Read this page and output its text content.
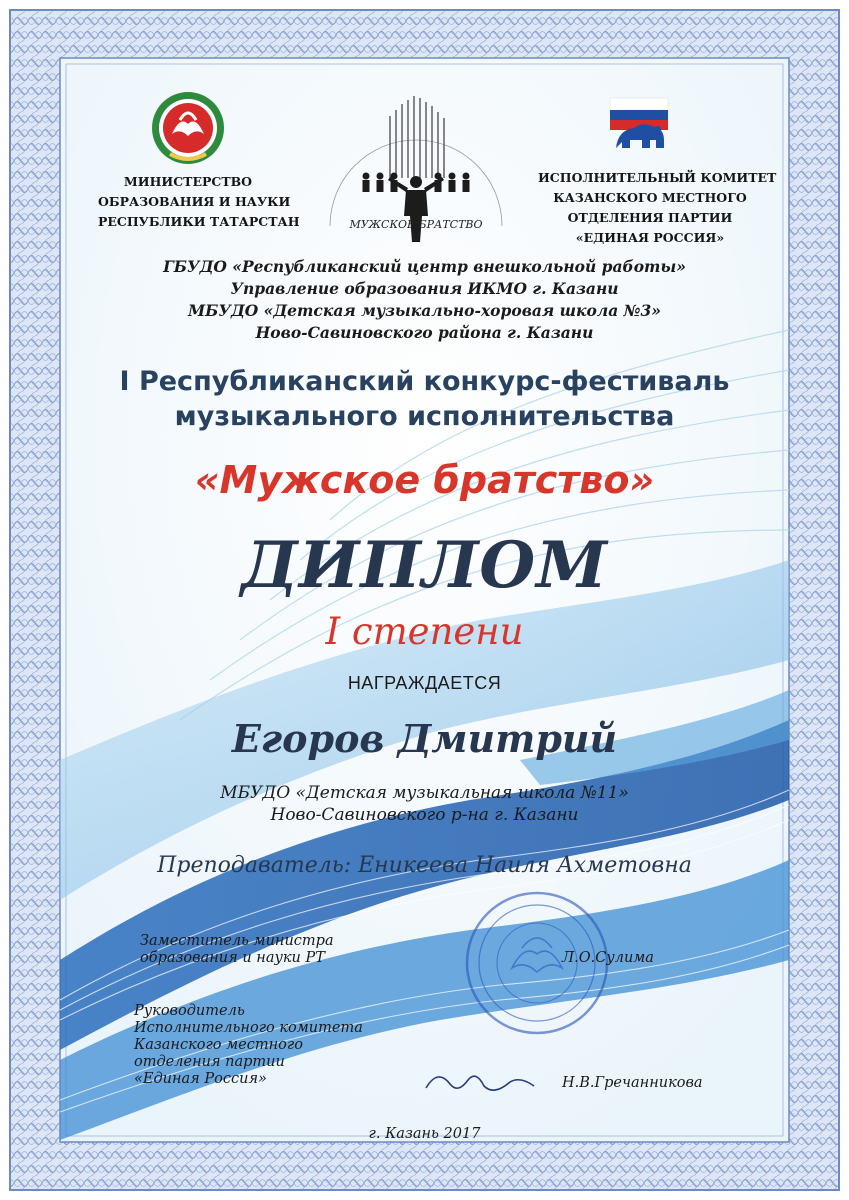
МИНИСТЕРСТВО
ОБРАЗОВАНИЯ И НАУКИ
РЕСПУБЛИКИ ТАТАРСТАН	МУЖСКОЕ БРАТСТВО
ИСПОЛНИТЕЛЬНЫЙ КОМИТЕТ
КАЗАНСКОГО МЕСТНОГО
ОТДЕЛЕНИЯ ПАРТИИ
«ЕДИНАЯ РОССИЯ»
ГБУДО «Республиканский центр внешкольной работы»
Управление образования ИКМО г. Казани
МБУДО «Детская музыкально-хоровая школа №3»
Ново-Савиновского района г. Казани
I Республиканский конкурс-фестиваль
музыкального исполнительства
«Мужское братство»
ДИПЛОМ
I степени
НАГРАЖДАЕТСЯ
Егоров Дмитрий
МБУДО «Детская музыкальная школа №11»
Ново-Савиновского р-на г. Казани
Преподаватель: Еникеева Наиля Ахметовна
Заместитель министра
образования и науки РТ	Л.О.Сулима
Руководитель
Исполнительного комитета
Казанского местного
отделения партии
«Единая Россия»	Н.В.Гречанникова
г. Казань 2017
